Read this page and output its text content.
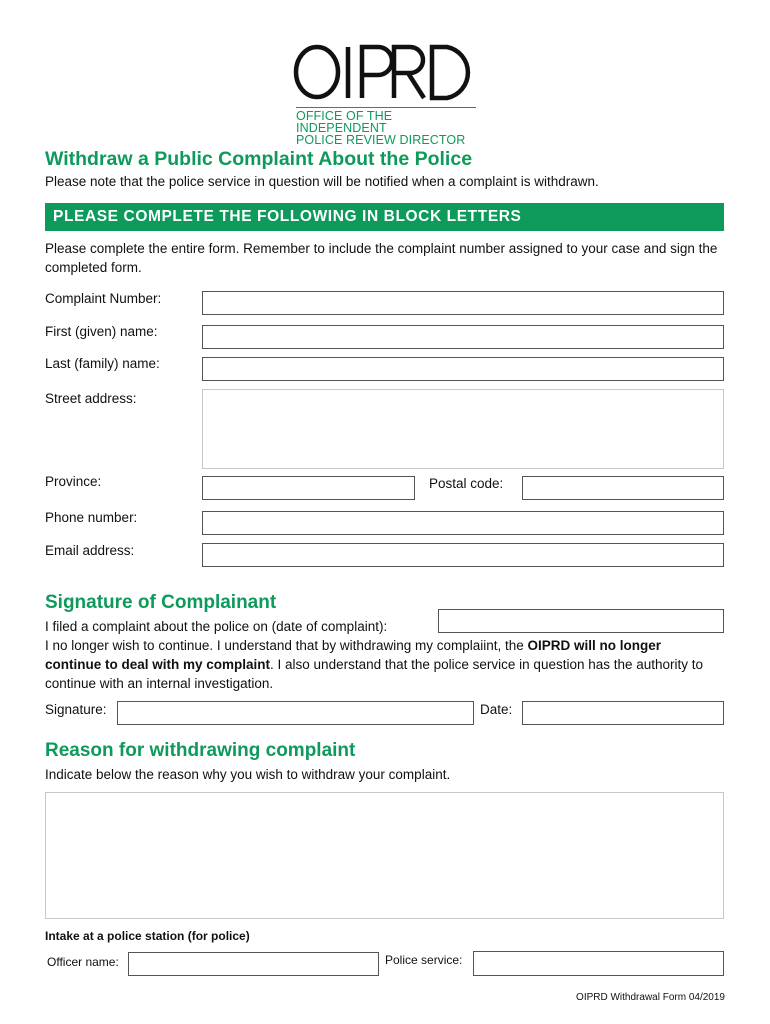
OFFICE OF THE INDEPENDENT
POLICE REVIEW DIRECTOR
Withdraw a Public Complaint About the Police
Please note that the police service in question will be notified when a complaint is withdrawn.
PLEASE COMPLETE THE FOLLOWING IN BLOCK LETTERS
Please complete the entire form. Remember to include the complaint number assigned to your case and sign the completed form.
Complaint Number:
First (given) name:
Last (family) name:
Street address:
Province:	Postal code:
Phone number:
Email address:
Signature of Complainant
I filed a complaint about the police on (date of complaint):
I no longer wish to continue. I understand that by withdrawing my complaiint, the OIPRD will no longer continue to deal with my complaint. I also understand that the police service in question has the authority to continue with an internal investigation.
Signature:	Date:
Reason for withdrawing complaint
Indicate below the reason why you wish to withdraw your complaint.
Intake at a police station (for police)
Officer name:	Police service:
OIPRD Withdrawal Form 04/2019
